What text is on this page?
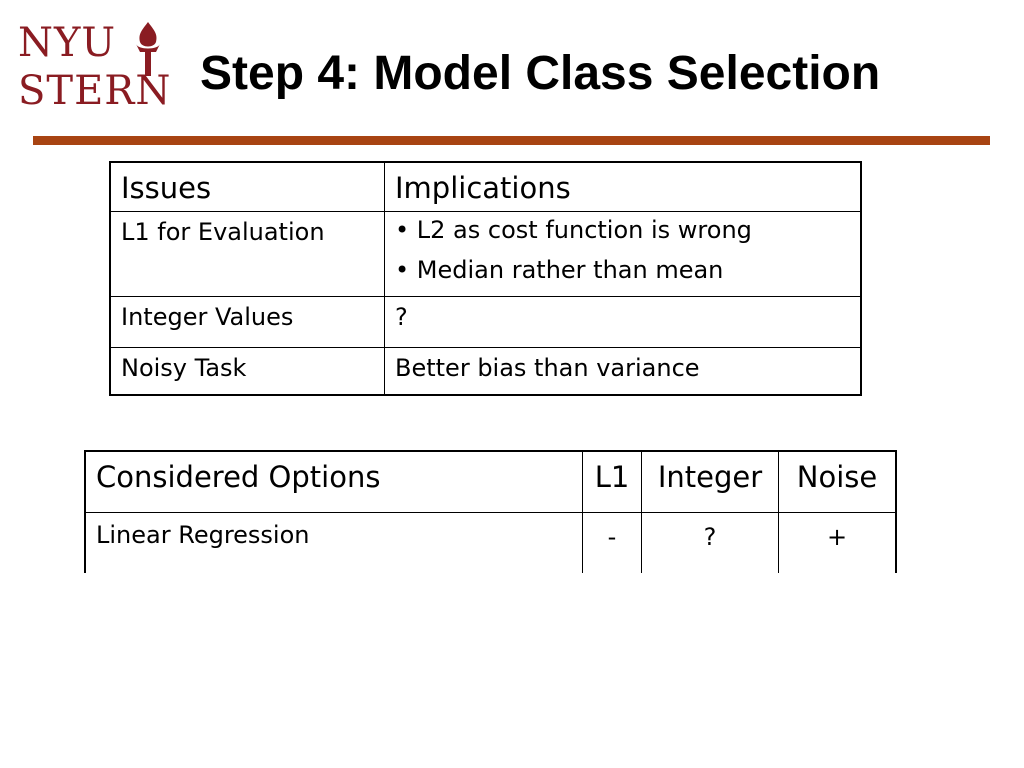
NYU
STERN Step 4: Model Class Selection
Issues	Implications
L1 for Evaluation	• L2 as cost function is wrong
• Median rather than mean

Integer Values	?
Noisy Task	Better bias than variance
Considered Options	L1	Integer	Noise
Linear Regression	-	?	+
